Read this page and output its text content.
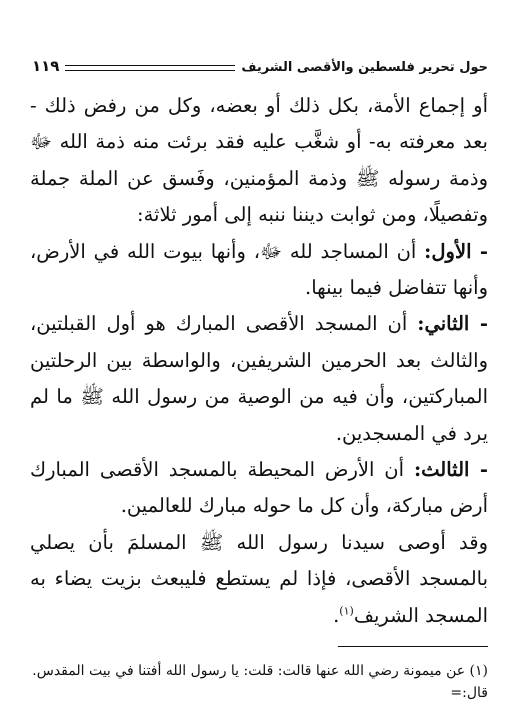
حول تحرير فلسطين والأقصى الشريف
١١٩

أو إجماع الأمة، بكل ذلك أو بعضه، وكل من رفض ذلك - بعد معرفته به- أو شغَّب عليه فقد برئت منه ذمة الله ﷻ وذمة رسوله ﷺ وذمة المؤمنين، وفَسق عن الملة جملة وتفصيلًا، ومن ثوابت ديننا ننبه إلى أمور ثلاثة:

- الأول: أن المساجد لله ﷻ، وأنها بيوت الله في الأرض، وأنها تتفاضل فيما بينها.

- الثاني: أن المسجد الأقصى المبارك هو أول القبلتين، والثالث بعد الحرمين الشريفين، والواسطة بين الرحلتين المباركتين، وأن فيه من الوصية من رسول الله ﷺ ما لم يرد في المسجدين.

- الثالث: أن الأرض المحيطة بالمسجد الأقصى المبارك أرض مباركة، وأن كل ما حوله مبارك للعالمين.

وقد أوصى سيدنا رسول الله ﷺ المسلمَ بأن يصلي بالمسجد الأقصى، فإذا لم يستطع فليبعث بزيت يضاء به المسجد الشريف$^{(١)}$.

(١) عن ميمونة رضي الله عنها قالت: قلت: يا رسول الله أفتنا في بيت المقدس. قال:=
